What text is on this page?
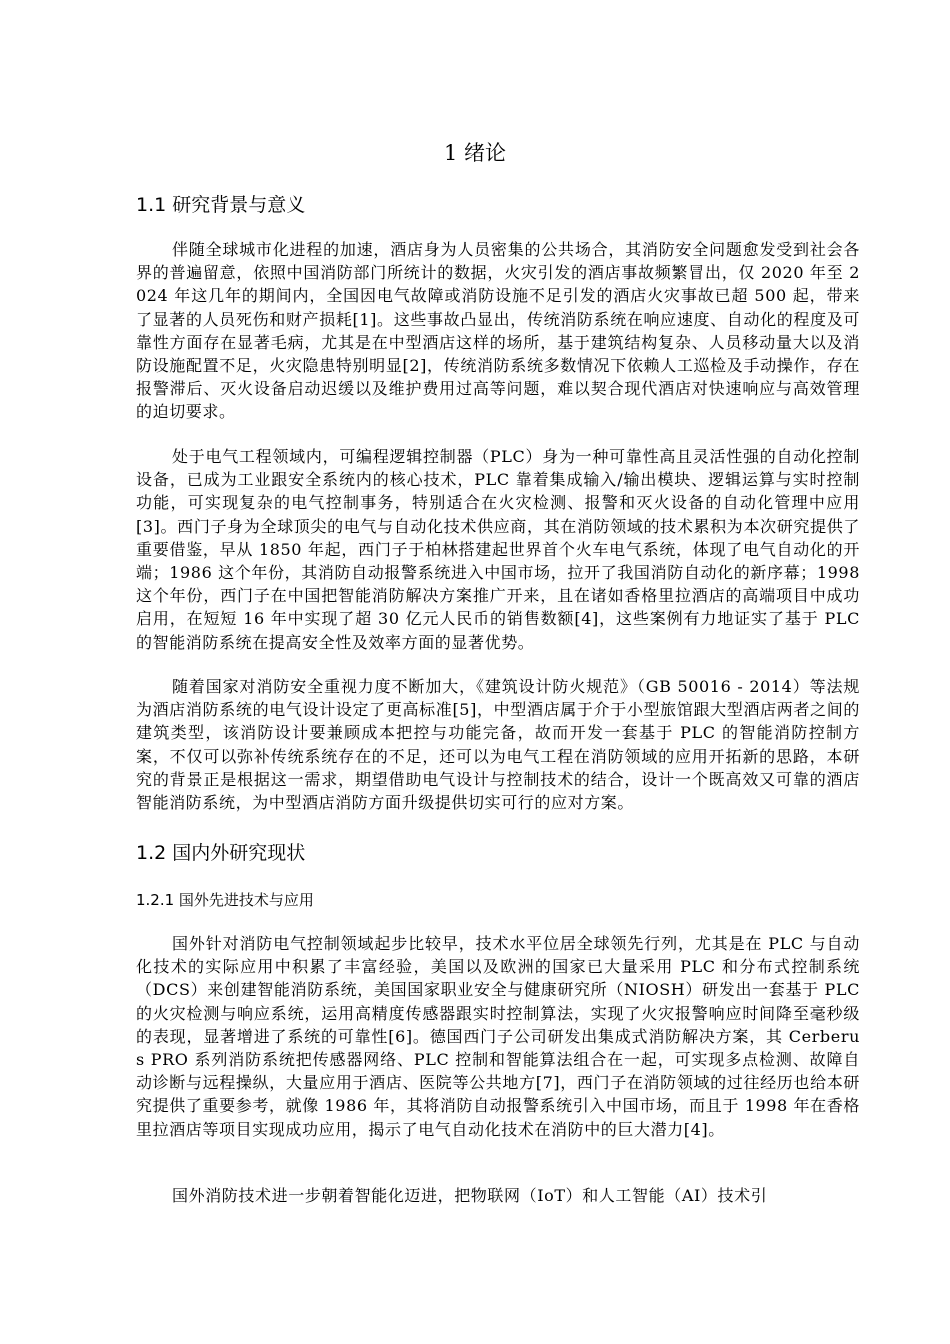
1 绪论
1.1 研究背景与意义

伴随全球城市化进程的加速，酒店身为人员密集的公共场合，其消防安全问题愈发受到社会各界的普遍留意，依照中国消防部门所统计的数据，火灾引发的酒店事故频繁冒出，仅 2020 年至 2024 年这几年的期间内，全国因电气故障或消防设施不足引发的酒店火灾事故已超 500 起，带来了显著的人员死伤和财产损耗[1]。这些事故凸显出，传统消防系统在响应速度、自动化的程度及可靠性方面存在显著毛病，尤其是在中型酒店这样的场所，基于建筑结构复杂、人员移动量大以及消防设施配置不足，火灾隐患特别明显[2]，传统消防系统多数情况下依赖人工巡检及手动操作，存在报警滞后、灭火设备启动迟缓以及维护费用过高等问题，难以契合现代酒店对快速响应与高效管理的迫切要求。

处于电气工程领域内，可编程逻辑控制器（PLC）身为一种可靠性高且灵活性强的自动化控制设备，已成为工业跟安全系统内的核心技术，PLC 靠着集成输入/输出模块、逻辑运算与实时控制功能，可实现复杂的电气控制事务，特别适合在火灾检测、报警和灭火设备的自动化管理中应用[3]。西门子身为全球顶尖的电气与自动化技术供应商，其在消防领域的技术累积为本次研究提供了重要借鉴，早从 1850 年起，西门子于柏林搭建起世界首个火车电气系统，体现了电气自动化的开端；1986 这个年份，其消防自动报警系统进入中国市场，拉开了我国消防自动化的新序幕；1998 这个年份，西门子在中国把智能消防解决方案推广开来，且在诸如香格里拉酒店的高端项目中成功启用，在短短 16 年中实现了超 30 亿元人民币的销售数额[4]，这些案例有力地证实了基于 PLC 的智能消防系统在提高安全性及效率方面的显著优势。

随着国家对消防安全重视力度不断加大，《建筑设计防火规范》（GB 50016 - 2014）等法规为酒店消防系统的电气设计设定了更高标准[5]，中型酒店属于介于小型旅馆跟大型酒店两者之间的建筑类型，该消防设计要兼顾成本把控与功能完备，故而开发一套基于 PLC 的智能消防控制方案，不仅可以弥补传统系统存在的不足，还可以为电气工程在消防领域的应用开拓新的思路，本研究的背景正是根据这一需求，期望借助电气设计与控制技术的结合，设计一个既高效又可靠的酒店智能消防系统，为中型酒店消防方面升级提供切实可行的应对方案。

1.2 国内外研究现状
1.2.1 国外先进技术与应用

国外针对消防电气控制领域起步比较早，技术水平位居全球领先行列，尤其是在 PLC 与自动化技术的实际应用中积累了丰富经验，美国以及欧洲的国家已大量采用 PLC 和分布式控制系统（DCS）来创建智能消防系统，美国国家职业安全与健康研究所（NIOSH）研发出一套基于 PLC 的火灾检测与响应系统，运用高精度传感器跟实时控制算法，实现了火灾报警响应时间降至毫秒级的表现，显著增进了系统的可靠性[6]。德国西门子公司研发出集成式消防解决方案，其 Cerberus PRO 系列消防系统把传感器网络、PLC 控制和智能算法组合在一起，可实现多点检测、故障自动诊断与远程操纵，大量应用于酒店、医院等公共地方[7]，西门子在消防领域的过往经历也给本研究提供了重要参考，就像 1986 年，其将消防自动报警系统引入中国市场，而且于 1998 年在香格里拉酒店等项目实现成功应用，揭示了电气自动化技术在消防中的巨大潜力[4]。

国外消防技术进一步朝着智能化迈进，把物联网（IoT）和人工智能（AI）技术引
